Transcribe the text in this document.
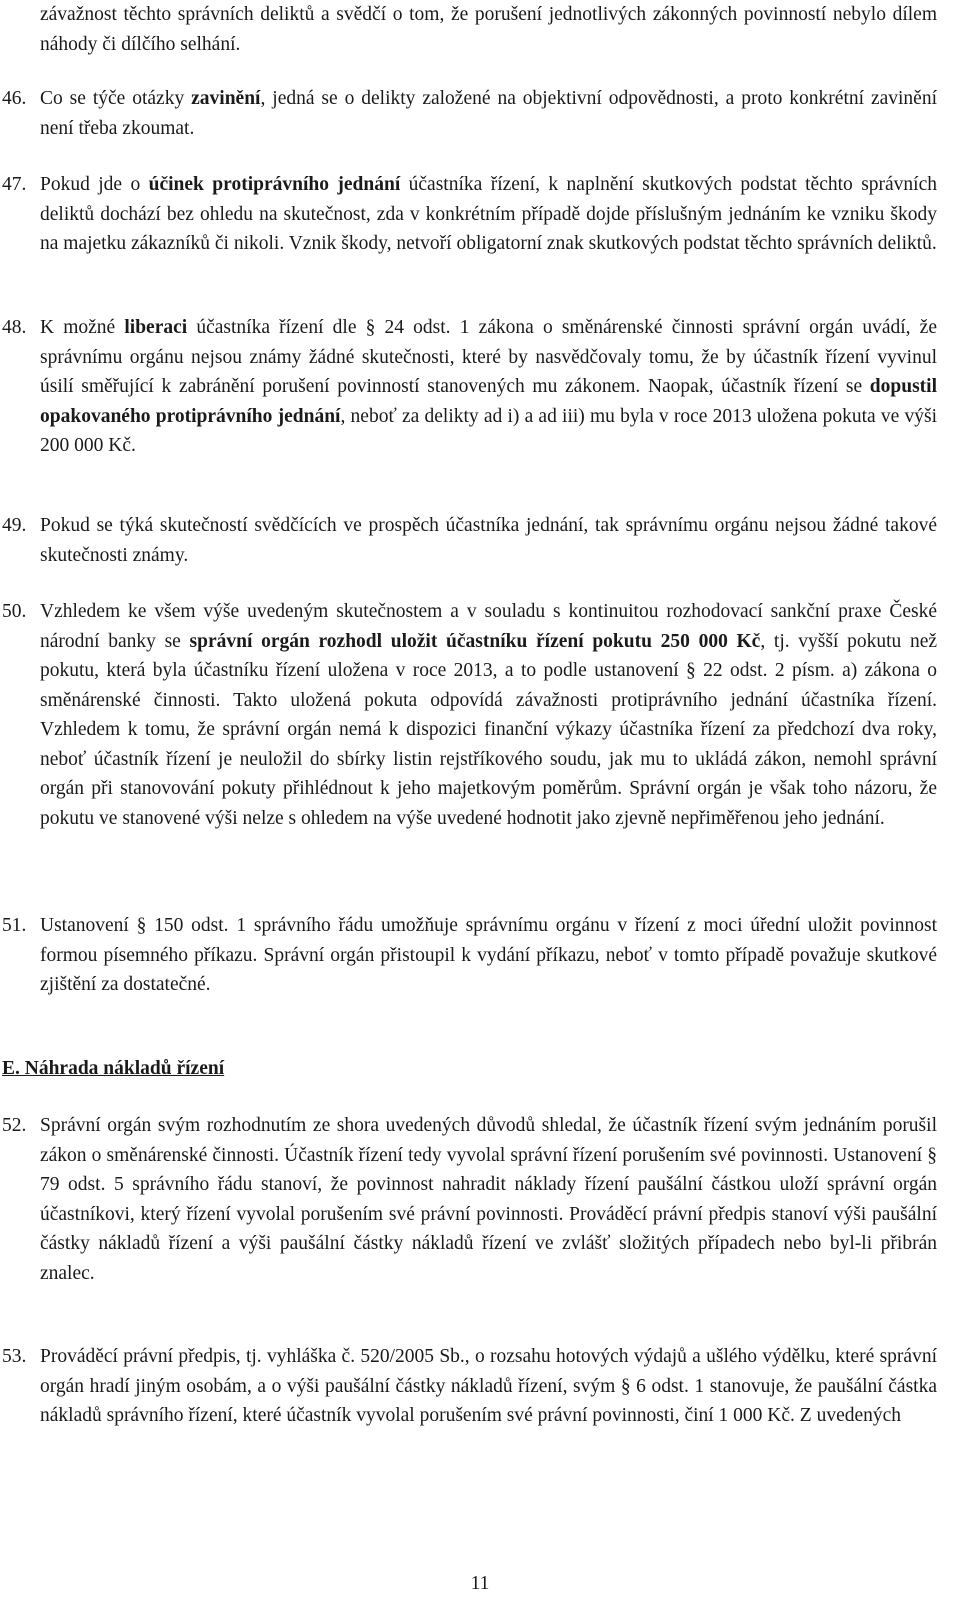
závažnost těchto správních deliktů a svědčí o tom, že porušení jednotlivých zákonných povinností nebylo dílem náhody či dílčího selhání.
46. Co se týče otázky zavinění, jedná se o delikty založené na objektivní odpovědnosti, a proto konkrétní zavinění není třeba zkoumat.
47. Pokud jde o účinek protiprávního jednání účastníka řízení, k naplnění skutkových podstat těchto správních deliktů dochází bez ohledu na skutečnost, zda v konkrétním případě dojde příslušným jednáním ke vzniku škody na majetku zákazníků či nikoli. Vznik škody, netvoří obligatorní znak skutkových podstat těchto správních deliktů.
48. K možné liberaci účastníka řízení dle § 24 odst. 1 zákona o směnárenské činnosti správní orgán uvádí, že správnímu orgánu nejsou známy žádné skutečnosti, které by nasvědčovaly tomu, že by účastník řízení vyvinul úsilí směřující k zabránění porušení povinností stanovených mu zákonem. Naopak, účastník řízení se dopustil opakovaného protiprávního jednání, neboť za delikty ad i) a ad iii) mu byla v roce 2013 uložena pokuta ve výši 200 000 Kč.
49. Pokud se týká skutečností svědčících ve prospěch účastníka jednání, tak správnímu orgánu nejsou žádné takové skutečnosti známy.
50. Vzhledem ke všem výše uvedeným skutečnostem a v souladu s kontinuitou rozhodovací sankční praxe České národní banky se správní orgán rozhodl uložit účastníku řízení pokutu 250 000 Kč, tj. vyšší pokutu než pokutu, která byla účastníku řízení uložena v roce 2013, a to podle ustanovení § 22 odst. 2 písm. a) zákona o směnárenské činnosti. Takto uložená pokuta odpovídá závažnosti protiprávního jednání účastníka řízení. Vzhledem k tomu, že správní orgán nemá k dispozici finanční výkazy účastníka řízení za předchozí dva roky, neboť účastník řízení je neuložil do sbírky listin rejstříkového soudu, jak mu to ukládá zákon, nemohl správní orgán při stanovování pokuty přihlédnout k jeho majetkovým poměrům. Správní orgán je však toho názoru, že pokutu ve stanovené výši nelze s ohledem na výše uvedené hodnotit jako zjevně nepřiměřenou jeho jednání.
51. Ustanovení § 150 odst. 1 správního řádu umožňuje správnímu orgánu v řízení z moci úřední uložit povinnost formou písemného příkazu. Správní orgán přistoupil k vydání příkazu, neboť v tomto případě považuje skutkové zjištění za dostatečné.
E. Náhrada nákladů řízení
52. Správní orgán svým rozhodnutím ze shora uvedených důvodů shledal, že účastník řízení svým jednáním porušil zákon o směnárenské činnosti. Účastník řízení tedy vyvolal správní řízení porušením své povinnosti. Ustanovení § 79 odst. 5 správního řádu stanoví, že povinnost nahradit náklady řízení paušální částkou uloží správní orgán účastníkovi, který řízení vyvolal porušením své právní povinnosti. Prováděcí právní předpis stanoví výši paušální částky nákladů řízení a výši paušální částky nákladů řízení ve zvlášť složitých případech nebo byl-li přibrán znalec.
53. Prováděcí právní předpis, tj. vyhláška č. 520/2005 Sb., o rozsahu hotových výdajů a ušlého výdělku, které správní orgán hradí jiným osobám, a o výši paušální částky nákladů řízení, svým § 6 odst. 1 stanovuje, že paušální částka nákladů správního řízení, které účastník vyvolal porušením své právní povinnosti, činí 1 000 Kč. Z uvedených
11
